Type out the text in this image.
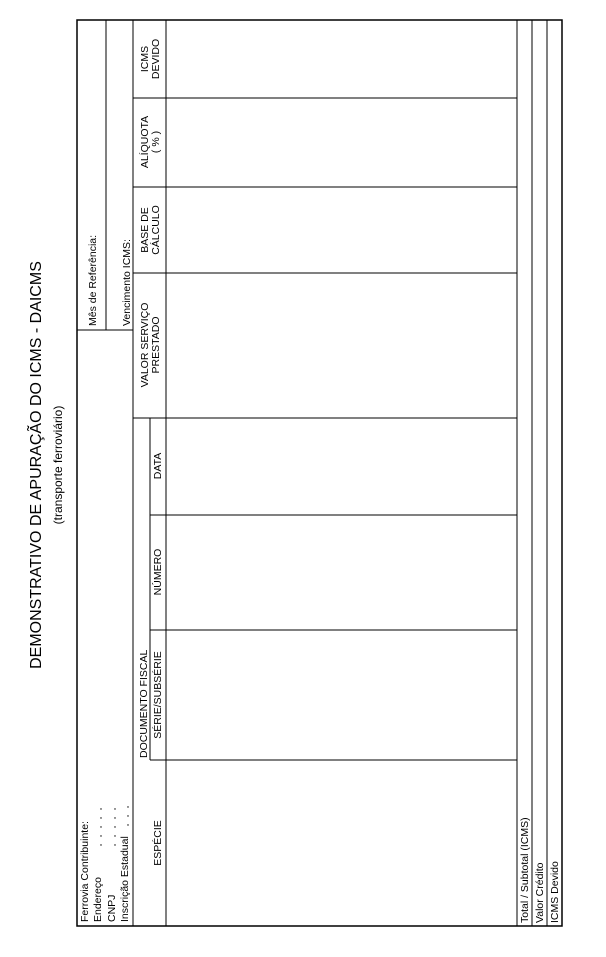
DEMONSTRATIVO DE APURAÇÃO DO ICMS - DAICMS (transporte ferroviário)
Ferrovia Contribuinte: Endereço CNPJ Inscrição Estadual
Mês de Referência: Vencimento ICMS:
DOCUMENTO FISCAL
ESPÉCIE
SÉRIE/SUBSÉRIE
NÚMERO
DATA
VALOR SERVIÇO PRESTADO
BASE DE CÁLCULO
ALÍQUOTA ( % )
ICMS DEVIDO
Total / Subtotal (ICMS) Valor Crédito ICMS Devido
